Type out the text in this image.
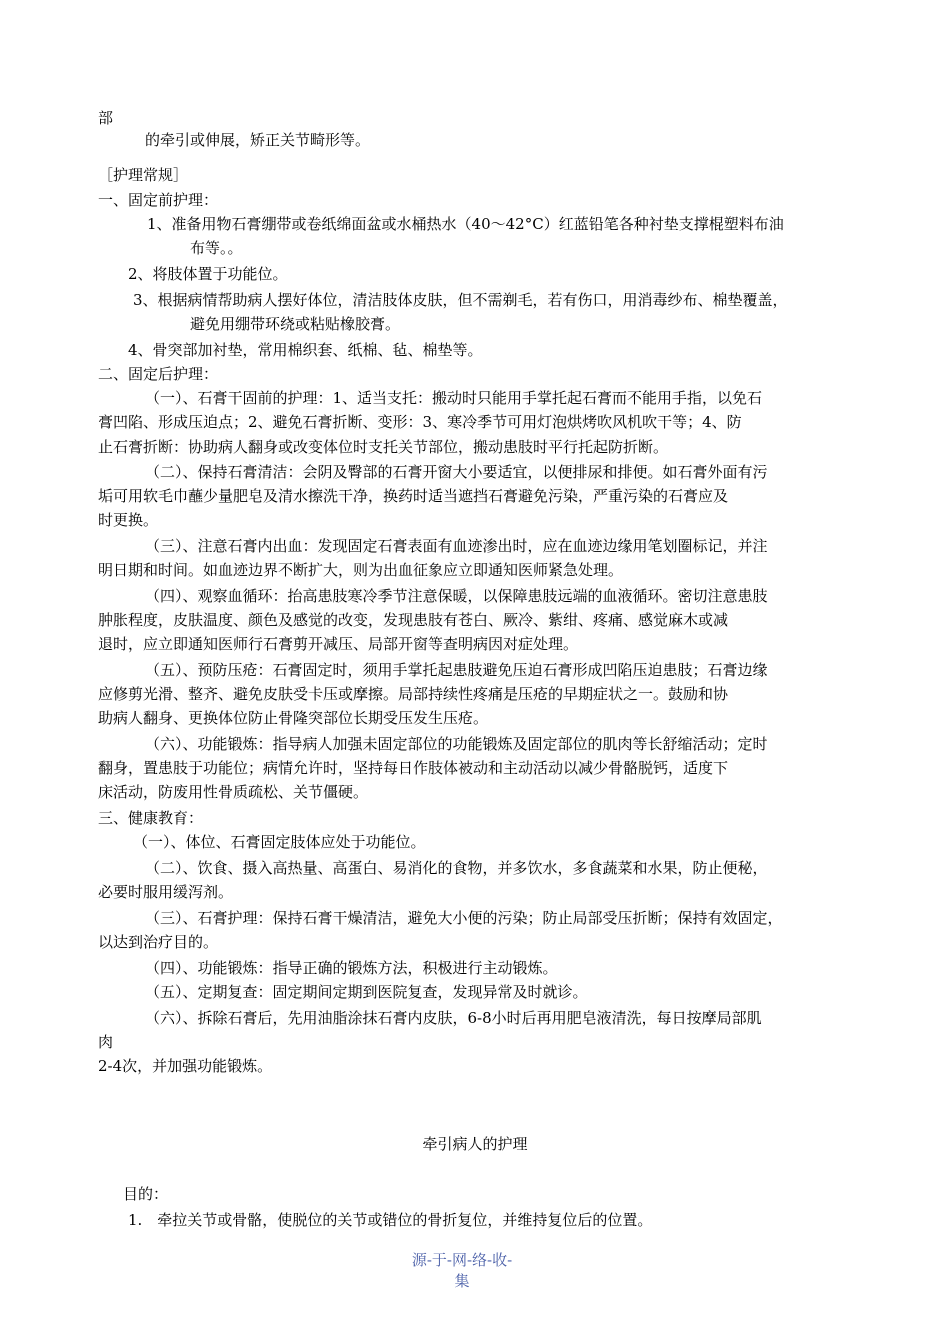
部
的牵引或伸展，矫正关节畸形等。
［护理常规］
一、固定前护理：
1、准备用物石膏绷带或卷纸绵面盆或水桶热水（40～42°C）红蓝铅笔各种衬垫支撑棍塑料布油
布等。。
2、将肢体置于功能位。
3、根据病情帮助病人摆好体位，清洁肢体皮肤，但不需剃毛，若有伤口，用消毒纱布、棉垫覆盖，
避免用绷带环绕或粘贴橡胶膏。
4、骨突部加衬垫，常用棉织套、纸棉、毡、棉垫等。
二、固定后护理：
（一）、石膏干固前的护理：1、适当支托：搬动时只能用手掌托起石膏而不能用手指，以免石
膏凹陷、形成压迫点；2、避免石膏折断、变形：3、寒冷季节可用灯泡烘烤吹风机吹干等；4、防
止石膏折断：协助病人翻身或改变体位时支托关节部位，搬动患肢时平行托起防折断。
（二）、保持石膏清洁：会阴及臀部的石膏开窗大小要适宜，以便排尿和排便。如石膏外面有污
垢可用软毛巾蘸少量肥皂及清水擦洗干净，换药时适当遮挡石膏避免污染，严重污染的石膏应及
时更换。
（三）、注意石膏内出血：发现固定石膏表面有血迹渗出时，应在血迹边缘用笔划圈标记，并注
明日期和时间。如血迹边界不断扩大，则为出血征象应立即通知医师紧急处理。
（四）、观察血循环：抬高患肢寒冷季节注意保暖，以保障患肢远端的血液循环。密切注意患肢
肿胀程度，皮肤温度、颜色及感觉的改变，发现患肢有苍白、厥冷、紫绀、疼痛、感觉麻木或减
退时，应立即通知医师行石膏剪开减压、局部开窗等查明病因对症处理。
（五）、预防压疮：石膏固定时，须用手掌托起患肢避免压迫石膏形成凹陷压迫患肢；石膏边缘
应修剪光滑、整齐、避免皮肤受卡压或摩擦。局部持续性疼痛是压疮的早期症状之一。鼓励和协
助病人翻身、更换体位防止骨隆突部位长期受压发生压疮。
（六）、功能锻炼：指导病人加强未固定部位的功能锻炼及固定部位的肌肉等长舒缩活动；定时
翻身，置患肢于功能位；病情允许时，坚持每日作肢体被动和主动活动以减少骨骼脱钙，适度下
床活动，防废用性骨质疏松、关节僵硬。
三、健康教育：
（一）、体位、石膏固定肢体应处于功能位。
（二）、饮食、摄入高热量、高蛋白、易消化的食物，并多饮水，多食蔬菜和水果，防止便秘，
必要时服用缓泻剂。
（三）、石膏护理：保持石膏干燥清洁，避免大小便的污染；防止局部受压折断；保持有效固定，
以达到治疗目的。
（四）、功能锻炼：指导正确的锻炼方法，积极进行主动锻炼。
（五）、定期复查：固定期间定期到医院复查，发现异常及时就诊。
（六）、拆除石膏后，先用油脂涂抹石膏内皮肤，6-8小时后再用肥皂液清洗，每日按摩局部肌
肉
2-4次，并加强功能锻炼。
牵引病人的护理
目的：
1.　牵拉关节或骨骼，使脱位的关节或错位的骨折复位，并维持复位后的位置。
源-于-网-络-收-
集
